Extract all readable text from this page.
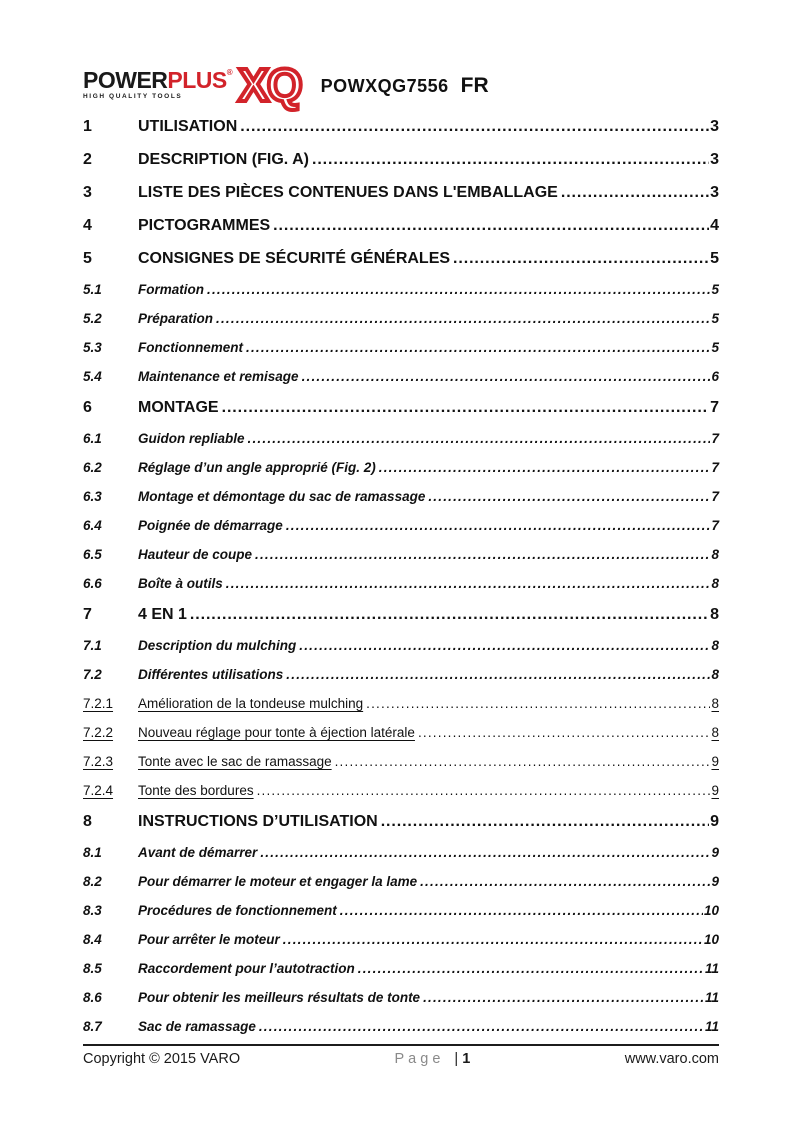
POWERPLUS®
HIGH QUALITY TOOLS	XQ POWXQG7556 FR
1	UTILISATION .....	3
2	DESCRIPTION (FIG. A) .....	3
3	LISTE DES PIÈCES CONTENUES DANS L'EMBALLAGE .....	3
4	PICTOGRAMMES .....	4
5	CONSIGNES DE SÉCURITÉ GÉNÉRALES .....	5
5.1	Formation .....	5
5.2	Préparation .....	5
5.3	Fonctionnement .....	5
5.4	Maintenance et remisage .....	6
6	MONTAGE .....	7
6.1	Guidon repliable .....	7
6.2	Réglage d’un angle approprié (Fig. 2) .....	7
6.3	Montage et démontage du sac de ramassage .....	7
6.4	Poignée de démarrage .....	7
6.5	Hauteur de coupe .....	8
6.6	Boîte à outils .....	8
7	4 EN 1 .....	8
7.1	Description du mulching .....	8
7.2	Différentes utilisations .....	8
7.2.1	Amélioration de la tondeuse mulching .....	8
7.2.2	Nouveau réglage pour tonte à éjection latérale .....	8
7.2.3	Tonte avec le sac de ramassage .....	9
7.2.4	Tonte des bordures .....	9
8	INSTRUCTIONS D’UTILISATION .....	9
8.1	Avant de démarrer .....	9
8.2	Pour démarrer le moteur et engager la lame .....	9
8.3	Procédures de fonctionnement .....	10
8.4	Pour arrêter le moteur .....	10
8.5	Raccordement pour l’autotraction .....	11
8.6	Pour obtenir les meilleurs résultats de tonte .....	11
8.7	Sac de ramassage .....	11
Copyright © 2015 VARO	Page | 1	www.varo.com
